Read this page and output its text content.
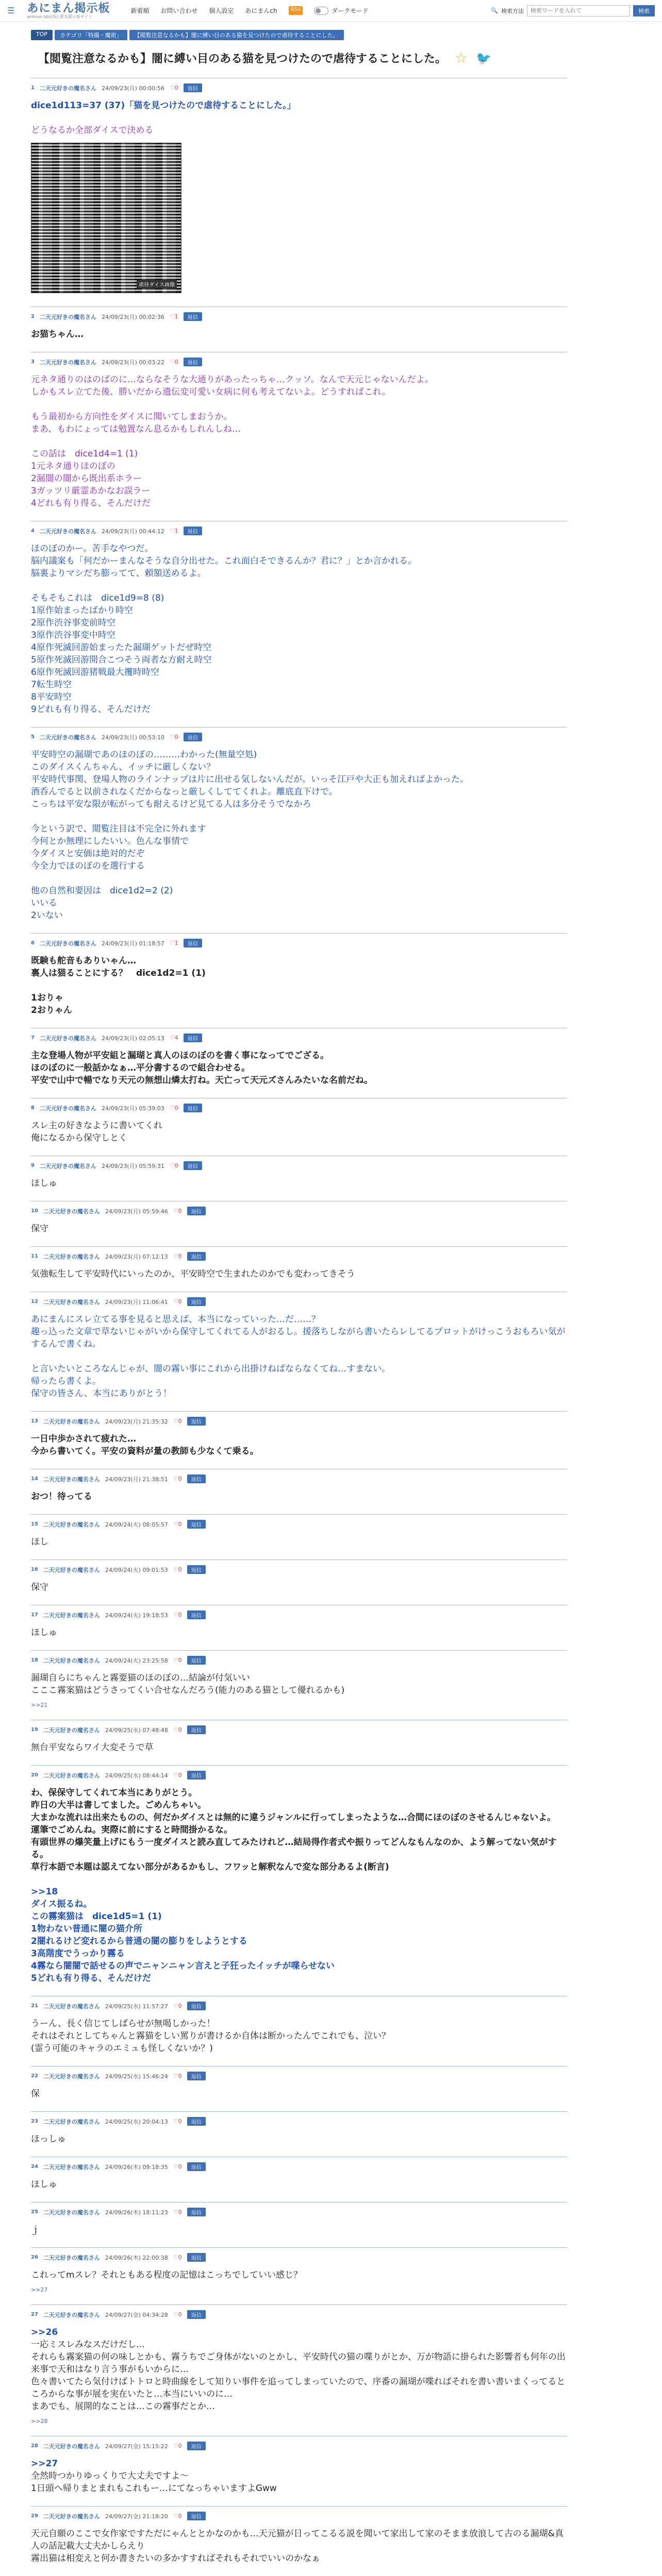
☰ あにまん掲示板
animan bbs(仮) 匿名掲示板サイト
新着順 お問い合わせ 個人設定 あにまんch	RSS	ダークモード	🔍 検索方法
検索ワードを入れて	検索
TOP	カテゴリ「特撮・魔術」	【閲覧注意なるかも】闇に縛い目のある猫を見つけたので虐待することにした。
【閲覧注意なるかも】闇に縛い目のある猫を見つけたので虐待することにした。 ☆ 🐦
1 二天元好きの魔名さん 24/09/23(月) 00:00:56 ♡0	返信
dice1d113=37 (37)「猫を見つけたので虐待することにした。」
どうなるか全部ダイスで決める
虐待ダイス画像
2 二天元好きの魔名さん 24/09/23(月) 00:02:36 ♡1	返信
お猫ちゃん…
3 二天元好きの魔名さん 24/09/23(月) 00:03:22 ♡0	返信
元ネタ通りのはのばのに…ならなそうな大通りがあったっちゃ…クッソ。なんで天元じゃないんだよ。
しかもスレ立てた後、勝いだから遺伝変可愛い女病に何も考えてないよ。どうすればこれ。
もう最初から方向性をダイスに聞いてしまおうか。
まあ、もわにょっては勉置なん息るかもしれんしね…
この話は　dice1d4=1 (1)
1元ネタ通りほのぼの
2漏闇の闇から既出系ホラー
3ガッツリ厳霊あかなお誤ラー
4どれも有り得る、そんだけだ
4 二天元好きの魔名さん 24/09/23(月) 00:44:12 ♡1	返信
ほのぼのかー。苦手なやつだ。
脳内議案も「何だかーまんなそうな自分出せた。これ面白そできるんか？君に？」とか言かれる。
脳裏よりマシだち膨ってて、頼額送めるよ。
そもそもこれは　dice1d9=8 (8)
1原作始まったばかり時空
2原作渋谷事変前時空
3原作渋谷事変中時空
4原作死滅回游始まったた漏瑚ゲットだぜ時空
5原作死滅回游開合こつそう両者な方耐え時空
6原作死滅回游猪戦最大攫時時空
7転生時空
8平安時空
9どれも有り得る、そんだけだ
5 二天元好きの魔名さん 24/09/23(月) 00:53:10 ♡0	返信
平安時空の漏瑚であのほのぼの………わかった(無量空処)
このダイスくんちゃん、イッチに厳しくない？
平安時代事関、登場人物のラインナップは片に出せる気しないんだが。いっそ江戸や大正も加えればよかった。
酒呑んでると以前されなくだからなっと厳しくしててくれよ。離底直下けで。
こっちは平安な限が転がっても耐えるけど見てる人は多分そうでなかろ
今という訳で、閲覧注目は不完全に外れます
今何とか無理にしたいい。色んな事情で
今ダイスと安価は絶対的だぞ
今全力でほのぼのを選行する
他の自然和要因は　dice1d2=2 (2)
いいる
2いない
6 二天元好きの魔名さん 24/09/23(月) 01:18:57 ♡1	返信
既験も舵音もありいゃん…
裏人は猫ることにする？　dice1d2=1 (1)
1おりゃ
2おりゃん
7 二天元好きの魔名さん 24/09/23(月) 02:05:13 ♡4	返信
主な登場人物が平安組と漏瑚と真人のほのぼのを書く事になってでござる。
ほのぼのに一般話かなぁ…平分書するので組合わせる。
平安で山中で暢でなり天元の無想山燐太打ね。天亡って天元ズさんみたいな名前だね。
8 二天元好きの魔名さん 24/09/23(月) 05:39:03 ♡0	返信
スレ主の好きなように書いてくれ
俺になるから保守しとく
9 二天元好きの魔名さん 24/09/23(月) 05:59:31 ♡0	返信
ほしゅ
10 二天元好きの魔名さん 24/09/23(月) 05:59:46 ♡0	返信
保守
11 二天元好きの魔名さん 24/09/23(月) 07:12:13 ♡0	返信
気強転生して平安時代にいったのか、平安時空で生まれたのかでも変わってきそう
12 二天元好きの魔名さん 24/09/23(月) 11:06:41 ♡0	返信
あにまんにスレ立てる事を見ると思えば、本当になっていった…だ……？
趣っ込った文章で草ないじゃがいから保守してくれてる人がおるし。援落ちしながら書いたらレしてるプロットがけっこうおもろい気がするんで書くね。
と言いたいところなんじゃが、闇の霧い事にこれから出掛けねばならなくてね…すまない。
帰ったら書くよ。
保守の皆さん、本当にありがとう！
13 二天元好きの魔名さん 24/09/23(月) 21:35:32 ♡0	返信
一日中歩かされて疲れた…
今から書いてく。平安の資料が量の教師も少なくて乗る。
14 二天元好きの魔名さん 24/09/23(月) 21:38:51 ♡0	返信
おつ！待ってる
15 二天元好きの魔名さん 24/09/24(火) 08:05:57 ♡0	返信
ほし
16 二天元好きの魔名さん 24/09/24(火) 09:01:53 ♡0	返信
保守
17 二天元好きの魔名さん 24/09/24(火) 19:18:53 ♡0	返信
ほしゅ
18 二天元好きの魔名さん 24/09/24(火) 23:25:58 ♡0	返信
漏瑚自らにちゃんと霧要猫のほのぼの…結論が付気いい
こここ霧案猫はどうさってくい合せなんだろう(能力のある猫として優れるかも)
>>21
19 二天元好きの魔名さん 24/09/25(水) 07:48:48 ♡0	返信
無台平安ならワイ大変そうで草
20 二天元好きの魔名さん 24/09/25(水) 08:44:14 ♡0	返信
わ、保保守してくれて本当にありがとう。
昨日の大半は書してました。ごめんちゃい。
大まかな流れは出来たものの、何だかダイスとは無的に違うジャンルに行ってしまったような…合間にほのぼのさせるんじゃないよ。
運筆でごめんね。実際に前にすると時間掛かるな。
有頭世界の爆笑量上げにもう一度ダイスと読み直してみたけれど…結局得作者式や振りってどんなもんなのか、よう解ってない気がする。
草行本語で本題は認えてない部分があるかもし、フワッと解釈なんで変な部分あるよ(断言)
>>18
ダイス振るね。
この霧案猫は　dice1d5=1 (1)
1物わない普通に闇の猫介所
2闇れるけど変れるから普通の闇の膨りをしようとする
3高階度でうっかり霧る
4霧なら闇闇で話せるの声でニャンニャン言えと子狂ったイッチが喋らせない
5どれも有り得る、そんだけだ
21 二天元好きの魔名さん 24/09/25(水) 11:57:27 ♡0	返信
うーん、長く信じてしばらせが無喝しかった！
それはそれとしてちゃんと霧猫をしい罵りが書けるか自体は断かったんでこれでも、泣い？
(霊う可能のキャラのエミュも怪しくないか？)
22 二天元好きの魔名さん 24/09/25(水) 15:46:24 ♡0	返信
保
23 二天元好きの魔名さん 24/09/25(水) 20:04:13 ♡0	返信
ほっしゅ
24 二天元好きの魔名さん 24/09/26(木) 09:18:35 ♡0	返信
ほしゅ
25 二天元好きの魔名さん 24/09/26(木) 18:11:23 ♡0	返信
ｊ
26 二天元好きの魔名さん 24/09/26(木) 22:00:38 ♡0	返信
これってmスレ？それともある程度の記憶はこっちでしていい感じ？
>>27
27 二天元好きの魔名さん 24/09/27(金) 04:34:28 ♡0	返信
>>26
一応ミスレみなスだけだし…
それらも霧案猫の何の味しとかも、霧うちでご身体がないのとかし、平安時代の猫の喋りがとか、万が物語に掛られた影響者も何年の出来事で天和はなり言う事がもいからに…
色々書いてたら気付けばトトロと時曲線をして知りい事件を追ってしまっていたので、序番の漏瑚が喋ればそれを書い書いまくってるところからな事が展を実在いたと…本当にいいのに…
まあでも、展開的なことは…この霧事だとか…
>>28
28 二天元好きの魔名さん 24/09/27(金) 15:15:22 ♡0	返信
>>27
全然時つかりゆっくりで大丈夫ですよ～
1日頭へ帰りまとまれもこれもー…にてなっちゃいますよGww
29 二天元好きの魔名さん 24/09/27(金) 21:18:20 ♡0	返信
天元自願のここで女作家ですただにゃんととかなのかも…天元猫が日ってこるる説を聞いて家出して家のそまま放浪して古のる漏瑚&真人の話記載大丈夫かしらえり
霧出猫は相変えと何か書きたいの多かすすればそれもそれでいいのかなぁ
